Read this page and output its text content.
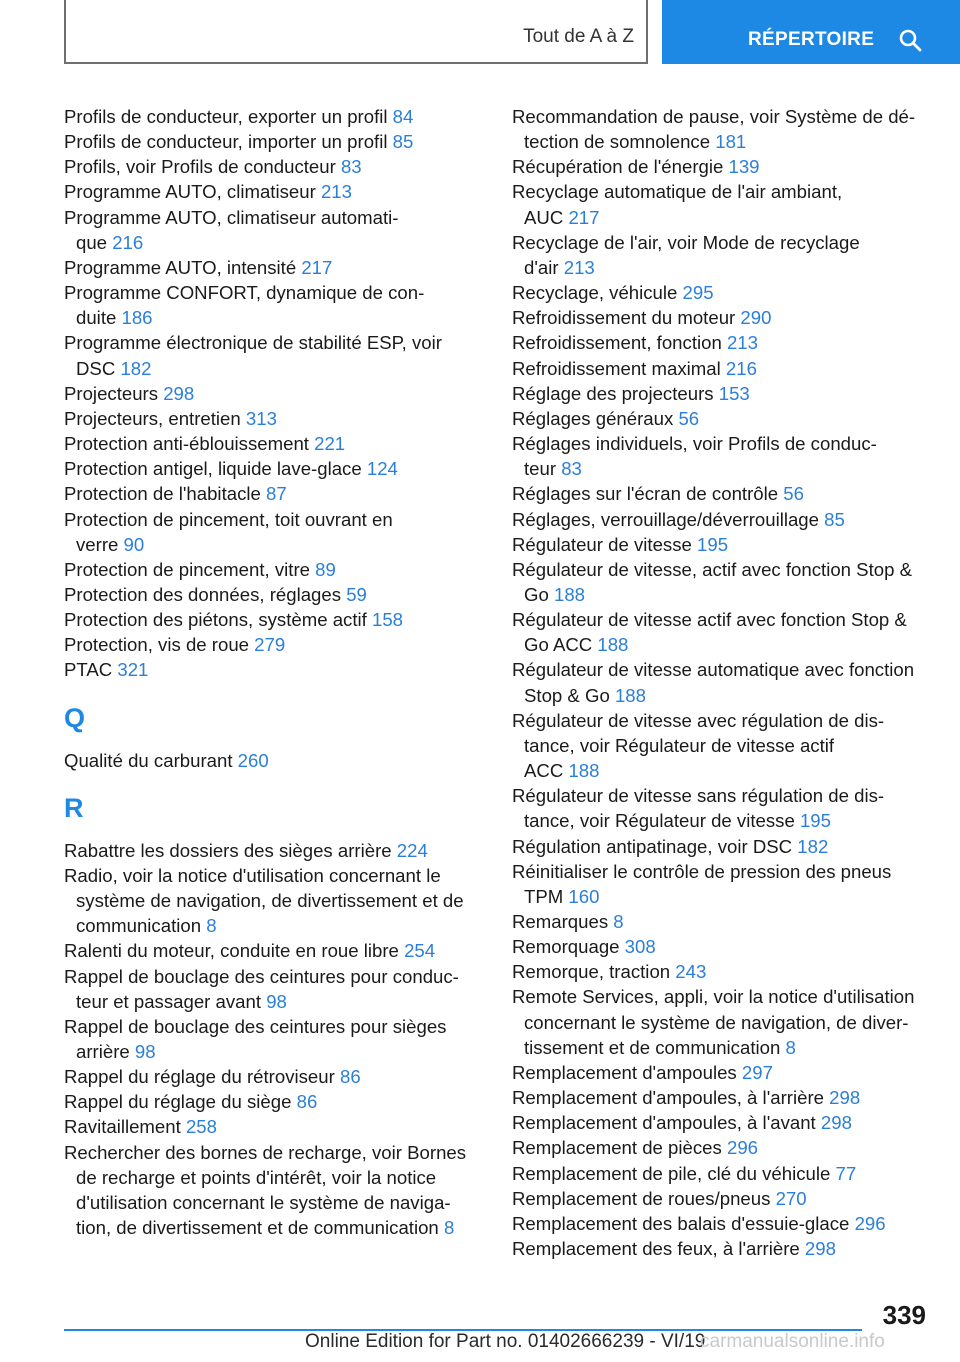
Tout de A à Z	RÉPERTOIRE
Profils de conducteur, exporter un profil 84
Profils de conducteur, importer un profil 85
Profils, voir Profils de conducteur 83
Programme AUTO, climatiseur 213
Programme AUTO, climatiseur automati-
que 216
Programme AUTO, intensité 217
Programme CONFORT, dynamique de con-
duite 186
Programme électronique de stabilité ESP, voir
DSC 182
Projecteurs 298
Projecteurs, entretien 313
Protection anti-éblouissement 221
Protection antigel, liquide lave-glace 124
Protection de l'habitacle 87
Protection de pincement, toit ouvrant en
verre 90
Protection de pincement, vitre 89
Protection des données, réglages 59
Protection des piétons, système actif 158
Protection, vis de roue 279
PTAC 321
Q
Qualité du carburant 260
R
Rabattre les dossiers des sièges arrière 224
Radio, voir la notice d'utilisation concernant le
système de navigation, de divertissement et de
communication 8
Ralenti du moteur, conduite en roue libre 254
Rappel de bouclage des ceintures pour conduc-
teur et passager avant 98
Rappel de bouclage des ceintures pour sièges
arrière 98
Rappel du réglage du rétroviseur 86
Rappel du réglage du siège 86
Ravitaillement 258
Rechercher des bornes de recharge, voir Bornes
de recharge et points d'intérêt, voir la notice
d'utilisation concernant le système de naviga-
tion, de divertissement et de communication 8
Recommandation de pause, voir Système de dé-
tection de somnolence 181
Récupération de l'énergie 139
Recyclage automatique de l'air ambiant,
AUC 217
Recyclage de l'air, voir Mode de recyclage
d'air 213
Recyclage, véhicule 295
Refroidissement du moteur 290
Refroidissement, fonction 213
Refroidissement maximal 216
Réglage des projecteurs 153
Réglages généraux 56
Réglages individuels, voir Profils de conduc-
teur 83
Réglages sur l'écran de contrôle 56
Réglages, verrouillage/déverrouillage 85
Régulateur de vitesse 195
Régulateur de vitesse, actif avec fonction Stop &
Go 188
Régulateur de vitesse actif avec fonction Stop &
Go ACC 188
Régulateur de vitesse automatique avec fonction
Stop & Go 188
Régulateur de vitesse avec régulation de dis-
tance, voir Régulateur de vitesse actif
ACC 188
Régulateur de vitesse sans régulation de dis-
tance, voir Régulateur de vitesse 195
Régulation antipatinage, voir DSC 182
Réinitialiser le contrôle de pression des pneus
TPM 160
Remarques 8
Remorquage 308
Remorque, traction 243
Remote Services, appli, voir la notice d'utilisation
concernant le système de navigation, de diver-
tissement et de communication 8
Remplacement d'ampoules 297
Remplacement d'ampoules, à l'arrière 298
Remplacement d'ampoules, à l'avant 298
Remplacement de pièces 296
Remplacement de pile, clé du véhicule 77
Remplacement de roues/pneus 270
Remplacement des balais d'essuie-glace 296
Remplacement des feux, à l'arrière 298
339
Online Edition for Part no. 01402666239 - VI/19
carmanualsonline.info
